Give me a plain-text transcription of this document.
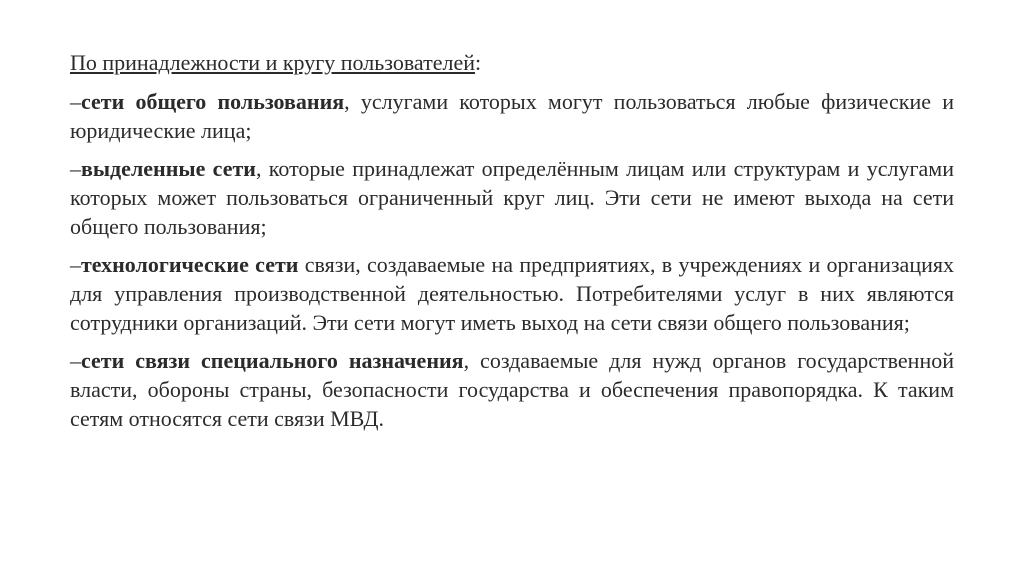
По принадлежности и кругу пользователей:

–сети общего пользования, услугами которых могут пользоваться любые физические и юридические лица;

–выделенные сети, которые принадлежат определённым лицам или структурам и услугами которых может пользоваться ограниченный круг лиц. Эти сети не имеют выхода на сети общего пользования;

–технологические сети связи, создаваемые на предприятиях, в учреждениях и организациях для управления производственной деятельностью. Потребителями услуг в них являются сотрудники организаций. Эти сети могут иметь выход на сети связи общего пользования;

–сети связи специального назначения, создаваемые для нужд органов государственной власти, обороны страны, безопасности государства и обеспечения правопорядка. К таким сетям относятся сети связи МВД.
